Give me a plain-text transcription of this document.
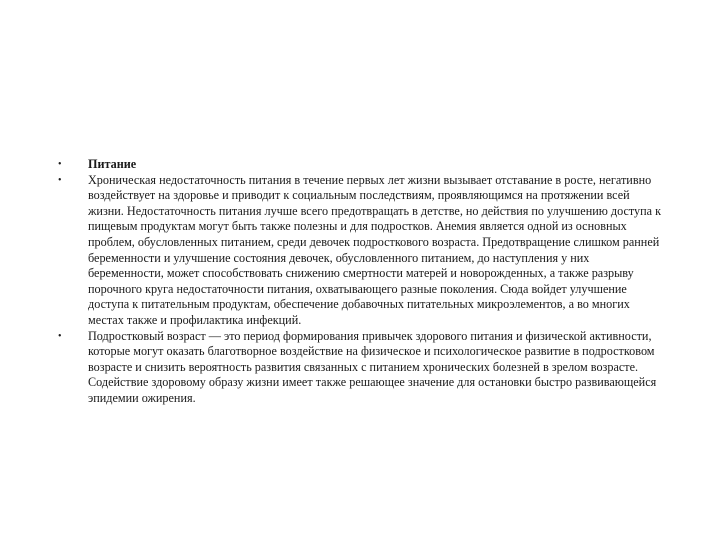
•	Питание
•	Хроническая недостаточность питания в течение первых лет жизни вызывает отставание в росте, негативно воздействует на здоровье и приводит к социальным последствиям, проявляющимся на протяжении всей жизни. Недостаточность питания лучше всего предотвращать в детстве, но действия по улучшению доступа к пищевым продуктам могут быть также полезны и для подростков. Анемия является одной из основных проблем, обусловленных питанием, среди девочек подросткового возраста. Предотвращение слишком ранней беременности и улучшение состояния девочек, обусловленного питанием, до наступления у них беременности, может способствовать снижению смертности матерей и новорожденных, а также разрыву порочного круга недостаточности питания, охватывающего разные поколения. Сюда войдет улучшение доступа к питательным продуктам, обеспечение добавочных питательных микроэлементов, а во многих местах также и профилактика инфекций.
•	Подростковый возраст — это период формирования привычек здорового питания и физической активности, которые могут оказать благотворное воздействие на физическое и психологическое развитие в подростковом возрасте и снизить вероятность развития связанных с питанием хронических болезней в зрелом возрасте. Содействие здоровому образу жизни имеет также решающее значение для остановки быстро развивающейся эпидемии ожирения.
